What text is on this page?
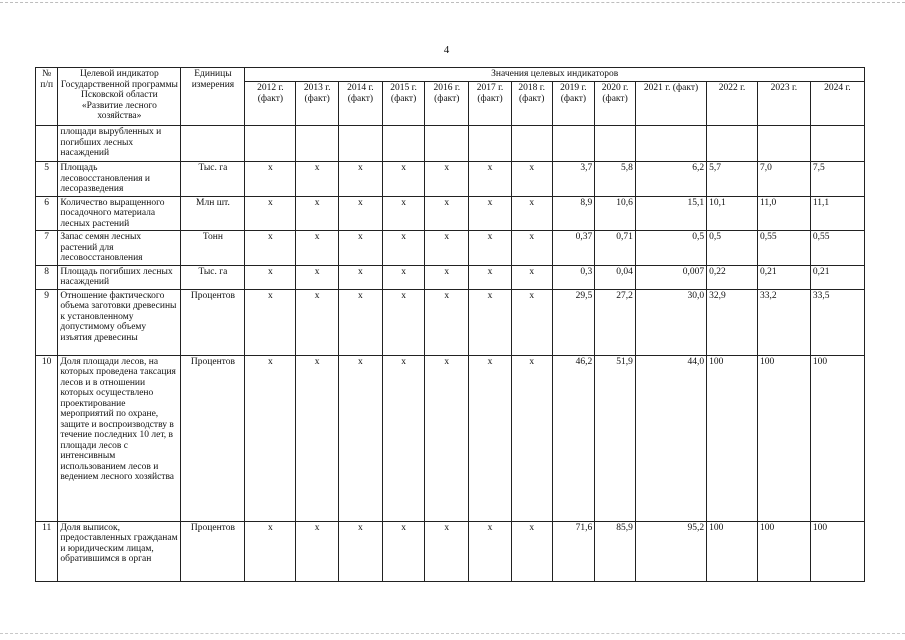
4
№
п/п	Целевой индикатор Государственной программы Псковской области «Развитие лесного хозяйства»	Единицы измерения	Значения целевых индикаторов												
			2012 г. (факт)	2013 г. (факт)	2014 г. (факт)	2015 г. (факт)	2016 г. (факт)	2017 г. (факт)	2018 г. (факт)	2019 г. (факт)	2020 г. (факт)	2021 г. (факт)	2022 г.	2023 г.	2024 г.
	площади вырубленных и погибших лесных насаждений														
5	Площадь лесовосстановления и лесоразведения	Тыс. га	x	x	x	x	x	x	x	3,7	5,8	6,2	5,7	7,0	7,5
6	Количество выращенного посадочного материала лесных растений	Млн шт.	x	x	x	x	x	x	x	8,9	10,6	15,1	10,1	11,0	11,1
7	Запас семян лесных растений для лесовосстановления	Тонн	x	x	x	x	x	x	x	0,37	0,71	0,5	0,5	0,55	0,55
8	Площадь погибших лесных насаждений	Тыс. га	x	x	x	x	x	x	x	0,3	0,04	0,007	0,22	0,21	0,21
9	Отношение фактического объема заготовки древесины к установленному допустимому объему изъятия древесины	Процентов	x	x	x	x	x	x	x	29,5	27,2	30,0	32,9	33,2	33,5
10	Доля площади лесов, на которых проведена таксация лесов и в отношении которых осуществлено проектирование мероприятий по охране, защите и воспроизводству в течение последних 10 лет, в площади лесов с интенсивным использованием лесов и ведением лесного хозяйства	Процентов	x	x	x	x	x	x	x	46,2	51,9	44,0	100	100	100
11	Доля выписок, предоставленных гражданам и юридическим лицам, обратившимся в орган	Процентов	x	x	x	x	x	x	x	71,6	85,9	95,2	100	100	100
